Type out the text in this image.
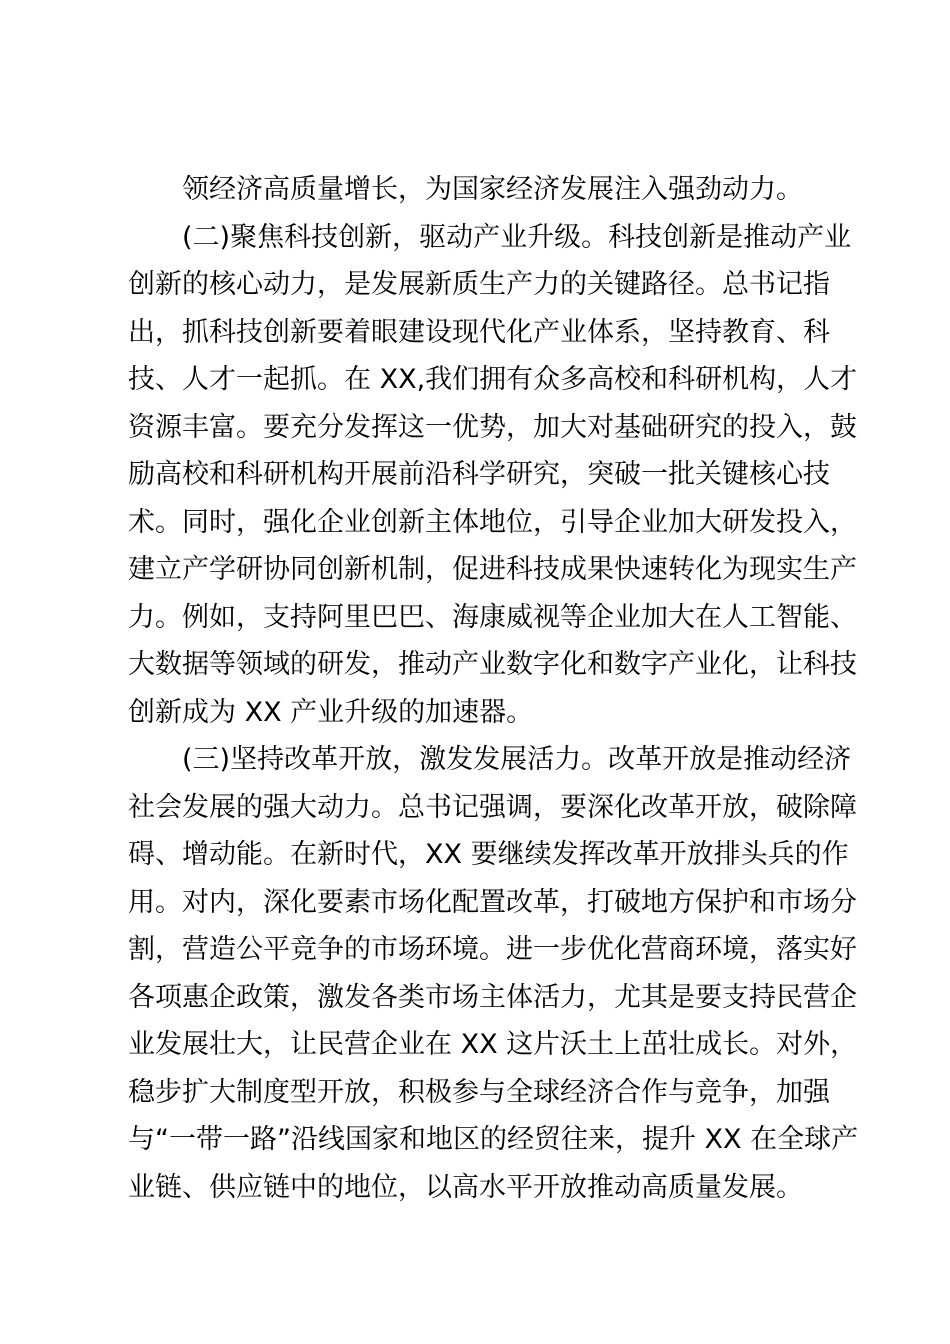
领经济高质量增长，为国家经济发展注入强劲动力。
(二)聚焦科技创新，驱动产业升级。科技创新是推动产业
创新的核心动力，是发展新质生产力的关键路径。总书记指
出，抓科技创新要着眼建设现代化产业体系，坚持教育、科
技、人才一起抓。在 XX,我们拥有众多高校和科研机构，人才
资源丰富。要充分发挥这一优势，加大对基础研究的投入，鼓
励高校和科研机构开展前沿科学研究，突破一批关键核心技
术。同时，强化企业创新主体地位，引导企业加大研发投入，
建立产学研协同创新机制，促进科技成果快速转化为现实生产
力。例如，支持阿里巴巴、海康威视等企业加大在人工智能、
大数据等领域的研发，推动产业数字化和数字产业化，让科技
创新成为 XX 产业升级的加速器。
(三)坚持改革开放，激发发展活力。改革开放是推动经济
社会发展的强大动力。总书记强调，要深化改革开放，破除障
碍、增动能。在新时代，XX 要继续发挥改革开放排头兵的作
用。对内，深化要素市场化配置改革，打破地方保护和市场分
割，营造公平竞争的市场环境。进一步优化营商环境，落实好
各项惠企政策，激发各类市场主体活力，尤其是要支持民营企
业发展壮大，让民营企业在 XX 这片沃土上茁壮成长。对外，
稳步扩大制度型开放，积极参与全球经济合作与竞争，加强
与“一带一路”沿线国家和地区的经贸往来，提升 XX 在全球产
业链、供应链中的地位，以高水平开放推动高质量发展。
